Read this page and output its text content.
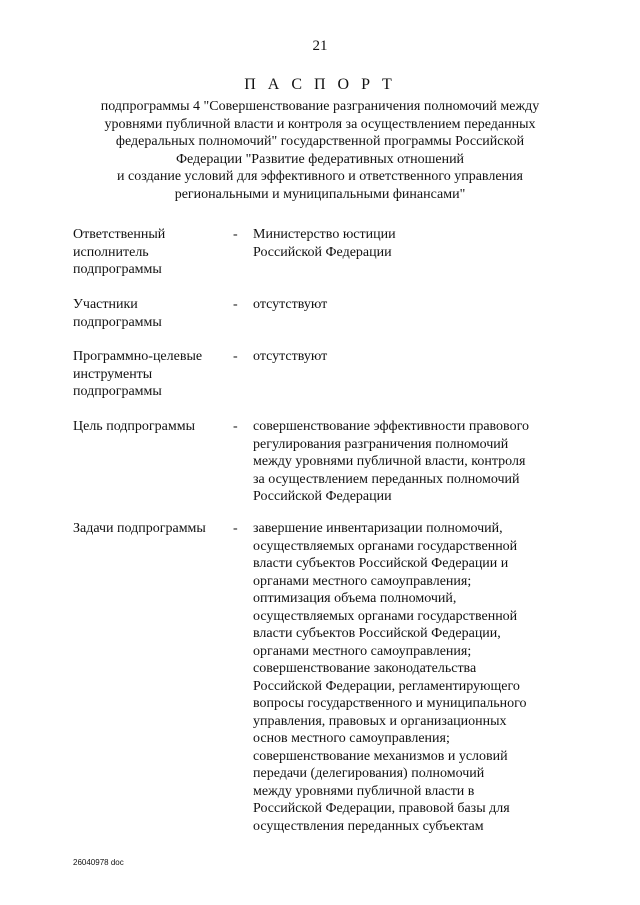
21
П А С П О Р Т
подпрограммы 4 "Совершенствование разграничения полномочий между
уровнями публичной власти и контроля за осуществлением переданных
федеральных полномочий" государственной программы Российской
Федерации "Развитие федеративных отношений
и создание условий для эффективного и ответственного управления
региональными и муниципальными финансами"
Ответственный
исполнитель
подпрограммы
- Министерство юстиции
Российской Федерации
Участники
подпрограммы
- отсутствуют
Программно-целевые
инструменты
подпрограммы
- отсутствуют
Цель подпрограммы	- совершенствование эффективности правового
регулирования разграничения полномочий
между уровнями публичной власти, контроля
за осуществлением переданных полномочий
Российской Федерации
Задачи подпрограммы	- завершение инвентаризации полномочий,
осуществляемых органами государственной
власти субъектов Российской Федерации и
органами местного самоуправления;
оптимизация объема полномочий,
осуществляемых органами государственной
власти субъектов Российской Федерации,
органами местного самоуправления;
совершенствование законодательства
Российской Федерации, регламентирующего
вопросы государственного и муниципального
управления, правовых и организационных
основ местного самоуправления;
совершенствование механизмов и условий
передачи (делегирования) полномочий
между уровнями публичной власти в
Российской Федерации, правовой базы для
осуществления переданных субъектам
26040978 doc
